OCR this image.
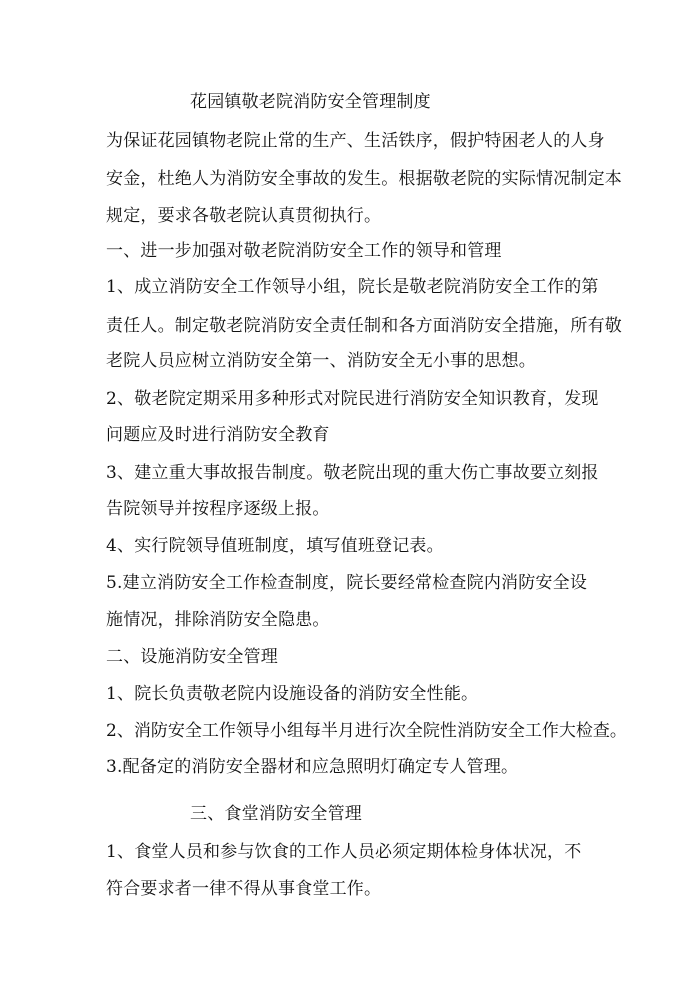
花园镇敬老院消防安全管理制度
为保证花园镇物老院止常的生产、生活铁序，假护特困老人的人身
安金，杜绝人为消防安全事故的发生。根据敬老院的实际情况制定本
规定，要求各敬老院认真贯彻执行。
一、进一步加强对敬老院消防安全工作的领导和管理
1、成立消防安全工作领导小组，院长是敬老院消防安全工作的第
责任人。制定敬老院消防安全责任制和各方面消防安全措施，所有敬
老院人员应树立消防安全第一、消防安全无小事的思想。
2、敬老院定期采用多种形式对院民进行消防安全知识教育，发现
问题应及时进行消防安全教育
3、建立重大事故报告制度。敬老院出现的重大伤亡事故要立刻报
告院领导并按程序逐级上报。
4、实行院领导值班制度，填写值班登记表。
5.建立消防安全工作检查制度，院长要经常检查院内消防安全设
施情况，排除消防安全隐患。
二、设施消防安全管理
1、院长负责敬老院内设施设备的消防安全性能。
2、消防安全工作领导小组每半月进行次全院性消防安全工作大检查。
3.配备定的消防安全器材和应急照明灯确定专人管理。
三、食堂消防安全管理
1、食堂人员和参与饮食的工作人员必须定期体检身体状况，不
符合要求者一律不得从事食堂工作。
